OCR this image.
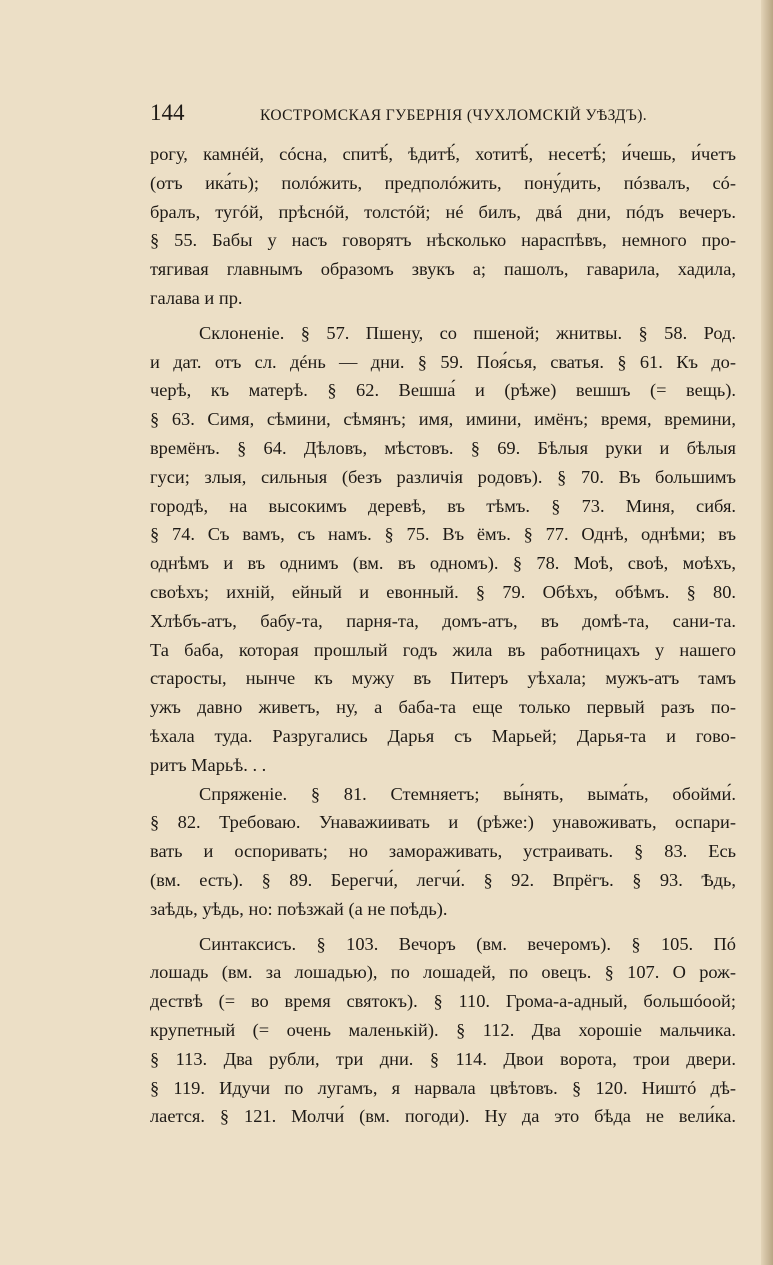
144	КОСТРОМСКАЯ ГУБЕРНІЯ (ЧУХЛОМСКІЙ УѢЗДЪ).
рогу, камнéй, сóсна, спитѣ́, ѣдитѣ́, хотитѣ́, несетѣ́; и́чешь, и́четъ
(отъ ика́ть); полóжить, предполóжить, пону́дить, пóзвалъ, сó-
бралъ, тугóй, прѣснóй, толстóй; нé билъ, двá дни, пóдъ вечеръ.
§ 55. Бабы у насъ говорятъ нѣсколько нараспѣвъ, немного про-
тягивая главнымъ образомъ звукъ а; пашолъ, гаварила, хадила,
галава и пр.
Склоненіе. § 57. Пшену, со пшеной; жнитвы. § 58. Род.
и дат. отъ сл. дéнь — дни. § 59. Поя́сья, сватья. § 61. Къ до-
черѣ, къ матерѣ. § 62. Вешша́ и (рѣже) вешшъ (= вещь).
§ 63. Симя, сѣмини, сѣмянъ; имя, имини, имёнъ; время, времини,
времёнъ. § 64. Дѣловъ, мѣстовъ. § 69. Бѣлыя руки и бѣлыя
гуси; злыя, сильныя (безъ различія родовъ). § 70. Въ большимъ
городѣ, на высокимъ деревѣ, въ тѣмъ. § 73. Миня, сибя.
§ 74. Съ вамъ, съ намъ. § 75. Въ ёмъ. § 77. Однѣ, однѣми; въ
однѣмъ и въ однимъ (вм. въ одномъ). § 78. Моѣ, своѣ, моѣхъ,
своѣхъ; ихній, ейный и евонный. § 79. Обѣхъ, обѣмъ. § 80.
Хлѣбъ-атъ, бабу-та, парня-та, домъ-атъ, въ домѣ-та, сани-та.
Та баба, которая прошлый годъ жила въ работницахъ у нашего
старосты, нынче къ мужу въ Питеръ уѣхала; мужъ-атъ тамъ
ужъ давно живетъ, ну, а баба-та еще только первый разъ по-
ѣхала туда. Разругались Дарья съ Марьей; Дарья-та и гово-
ритъ Марьѣ. . .
Спряженіе. § 81. Стемняетъ; вы́нять, выма́ть, обойми́.
§ 82. Требоваю. Унаважиивать и (рѣже:) унавоживать, оспари-
вать и оспоривать; но замораживать, устраивать. § 83. Есь
(вм. есть). § 89. Берегчи́, легчи́. § 92. Впрёгъ. § 93. Ѣдь,
заѣдь, уѣдь, но: поѣзжай (а не поѣдь).
Синтаксисъ. § 103. Вечоръ (вм. вечеромъ). § 105. Пó
лошадь (вм. за лошадью), по лошадей, по овецъ. § 107. О рож-
дествѣ (= во время святокъ). § 110. Грома-а-адный, большóоой;
крупетный (= очень маленькій). § 112. Два хорошіе мальчика.
§ 113. Два рубли, три дни. § 114. Двои ворота, трои двери.
§ 119. Идучи по лугамъ, я нарвала цвѣтовъ. § 120. Ништó дѣ-
лается. § 121. Молчи́ (вм. погоди). Ну да это бѣда не вели́ка.
